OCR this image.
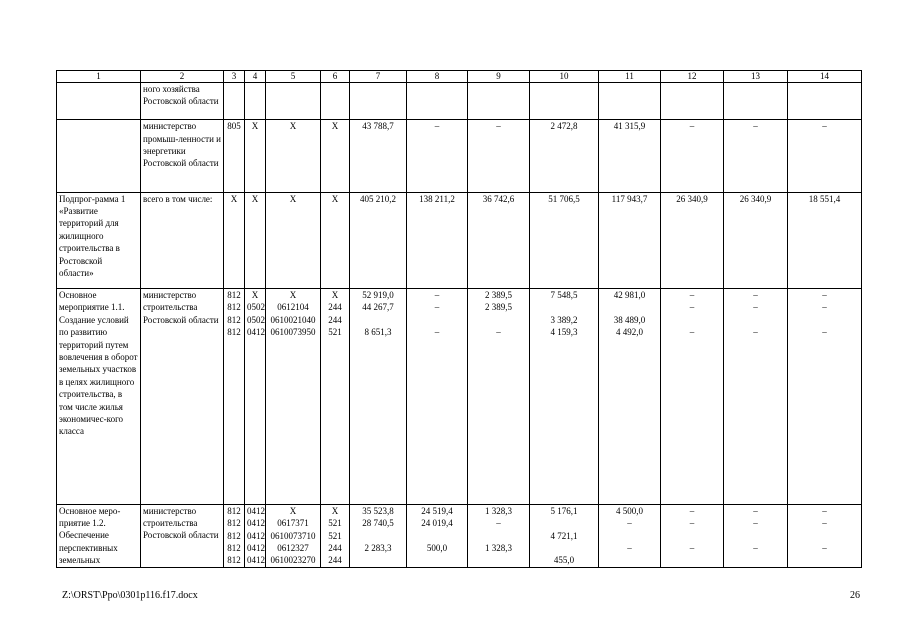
1	2	3	4	5	6	7	8	9	10	11	12	13	14
	ного хозяйства Ростовской области												
	министерство промыш-ленности и энергетики Ростовской области	805	Х	Х	Х	43 788,7	–	–	2 472,8	41 315,9	–	–	–
Подпрог-рамма 1 «Развитие территорий для жилищного строительства в Ростовской области»	всего в том числе:	Х	Х	Х	Х	405 210,2	138 211,2	36 742,6	51 706,5	117 943,7	26 340,9	26 340,9	18 551,4
Основное мероприятие 1.1. Создание условий по развитию территорий путем вовлечения в оборот земельных участков в целях жилищного строительства, в том числе жилья экономичес-кого класса	министерство строительства Ростовской области	812	Х	Х	Х	52 919,0	–	2 389,5	7 548,5	42 981,0	–	–	–
		812	0502	0612104	244	44 267,7	–	2 389,5			–	–	–
		812	0502	0610021040	244				3 389,2	38 489,0			
		812	0412	0610073950	521	8 651,3	–	–	4 159,3	4 492,0	–	–	–
Основное меро-приятие 1.2. Обеспечение перспективных земельных	министерство строительства Ростовской области	812	0412	Х	Х	35 523,8	24 519,4	1 328,3	5 176,1	4 500,0	–	–	–
		812	0412	0617371	521	28 740,5	24 019,4	–		–	–	–	–
		812	0412	0610073710	521				4 721,1				
		812	0412	0612327	244	2 283,3	500,0	1 328,3		–	–	–	–
		812	0412	0610023270	244				455,0				
Z:\ORST\Ppo\0301p116.f17.docx	26
